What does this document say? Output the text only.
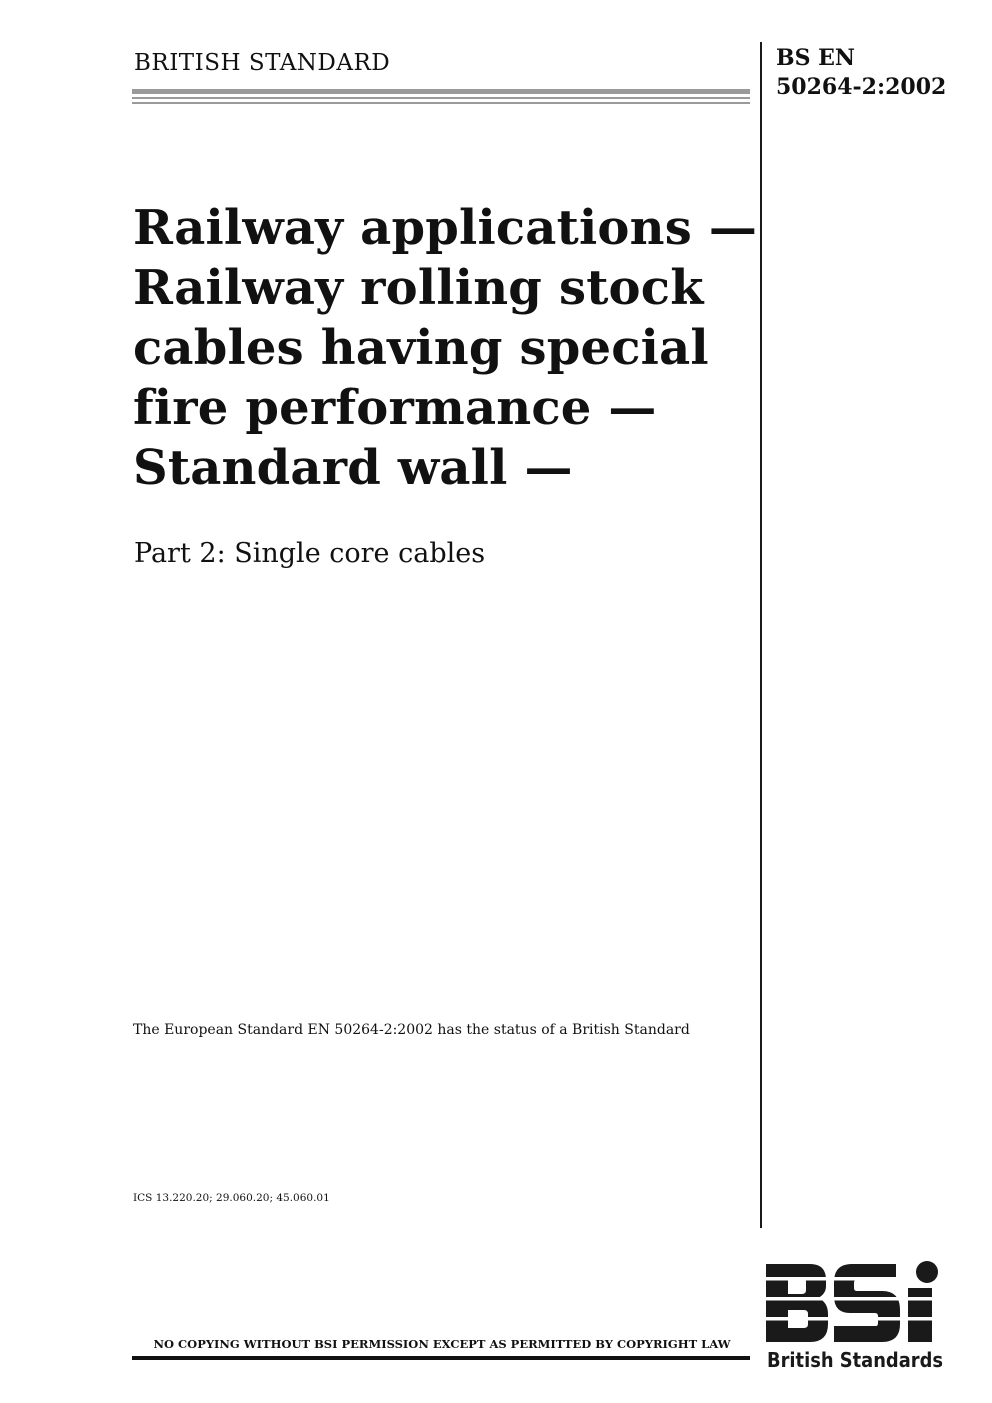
BRITISH STANDARD	BS EN
50264-2:2002
Railway applications —
Railway rolling stock
cables having special
fire performance —
Standard wall —
Part 2: Single core cables
The European Standard EN 50264-2:2002 has the status of a British Standard
ICS 13.220.20; 29.060.20; 45.060.01
NO COPYING WITHOUT BSI PERMISSION EXCEPT AS PERMITTED BY COPYRIGHT LAW
British Standards
